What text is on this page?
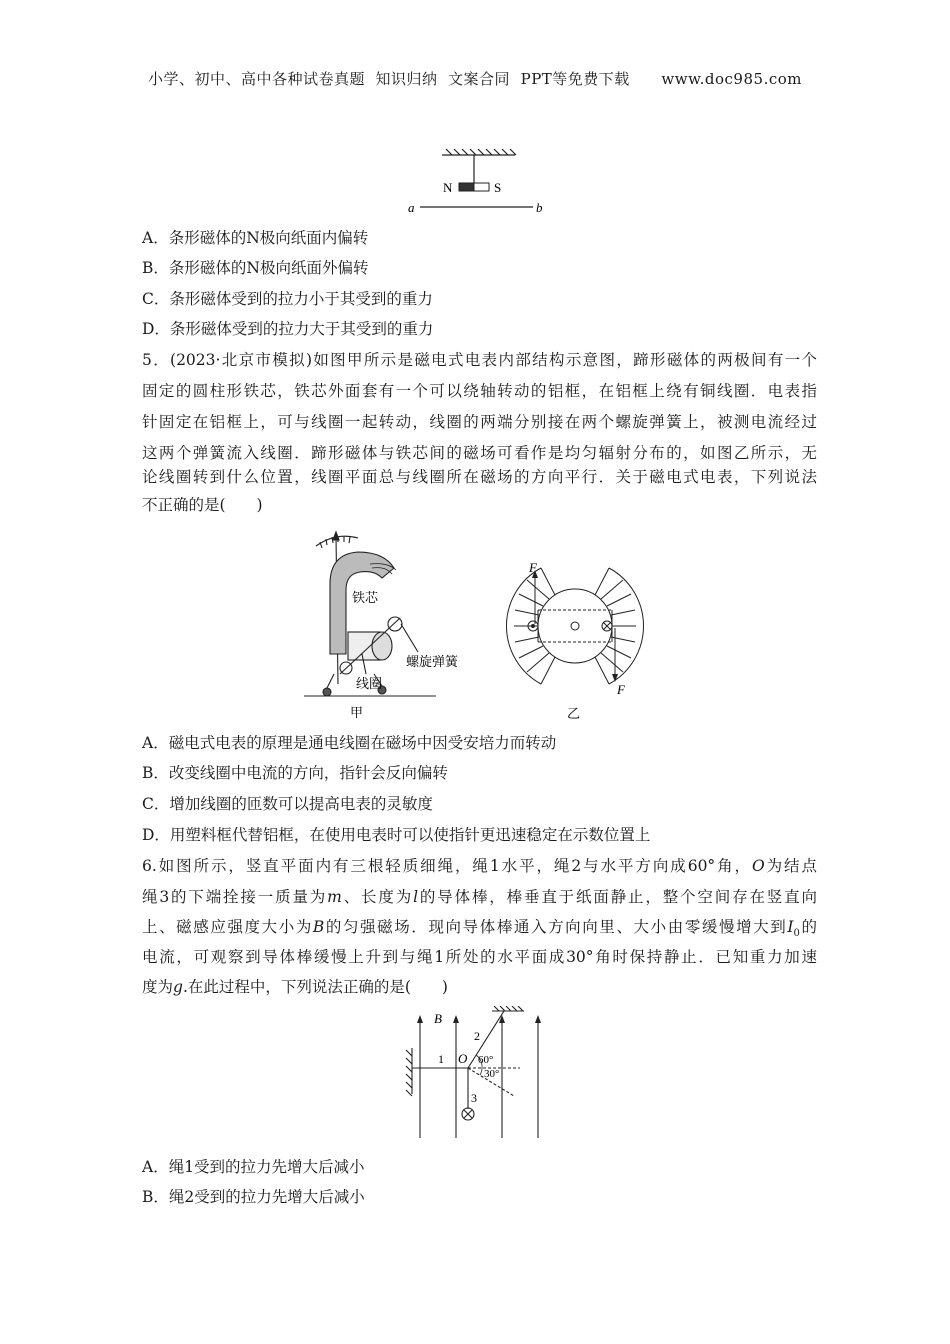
小学、初中、高中各种试卷真题  知识归纳  文案合同  PPT等免费下载      www.doc985.com
N	S
a	b
A．条形磁体的N极向纸面内偏转
B．条形磁体的N极向纸面外偏转
C．条形磁体受到的拉力小于其受到的重力
D．条形磁体受到的拉力大于其受到的重力
5．(2023·北京市模拟)如图甲所示是磁电式电表内部结构示意图，蹄形磁体的两极间有一个
固定的圆柱形铁芯，铁芯外面套有一个可以绕轴转动的铝框，在铝框上绕有铜线圈．电表指
针固定在铝框上，可与线圈一起转动，线圈的两端分别接在两个螺旋弹簧上，被测电流经过
这两个弹簧流入线圈．蹄形磁体与铁芯间的磁场可看作是均匀辐射分布的，如图乙所示，无
论线圈转到什么位置，线圈平面总与线圈所在磁场的方向平行．关于磁电式电表，下列说法
不正确的是(　　)
铁芯
螺旋弹簧
线圈
甲
F
F
乙
A．磁电式电表的原理是通电线圈在磁场中因受安培力而转动
B．改变线圈中电流的方向，指针会反向偏转
C．增加线圈的匝数可以提高电表的灵敏度
D．用塑料框代替铝框，在使用电表时可以使指针更迅速稳定在示数位置上
6.如图所示，竖直平面内有三根轻质细绳，绳1水平，绳2与水平方向成60°角，O为结点
绳3的下端拴接一质量为m、长度为l的导体棒，棒垂直于纸面静止，整个空间存在竖直向
上、磁感应强度大小为B的匀强磁场．现向导体棒通入方向向里、大小由零缓慢增大到$I_0$的
电流，可观察到导体棒缓慢上升到与绳1所处的水平面成30°角时保持静止．已知重力加速
度为g.在此过程中，下列说法正确的是(　　)
B
1
2
3
O 60°
30°
A．绳1受到的拉力先增大后减小
B．绳2受到的拉力先增大后减小
